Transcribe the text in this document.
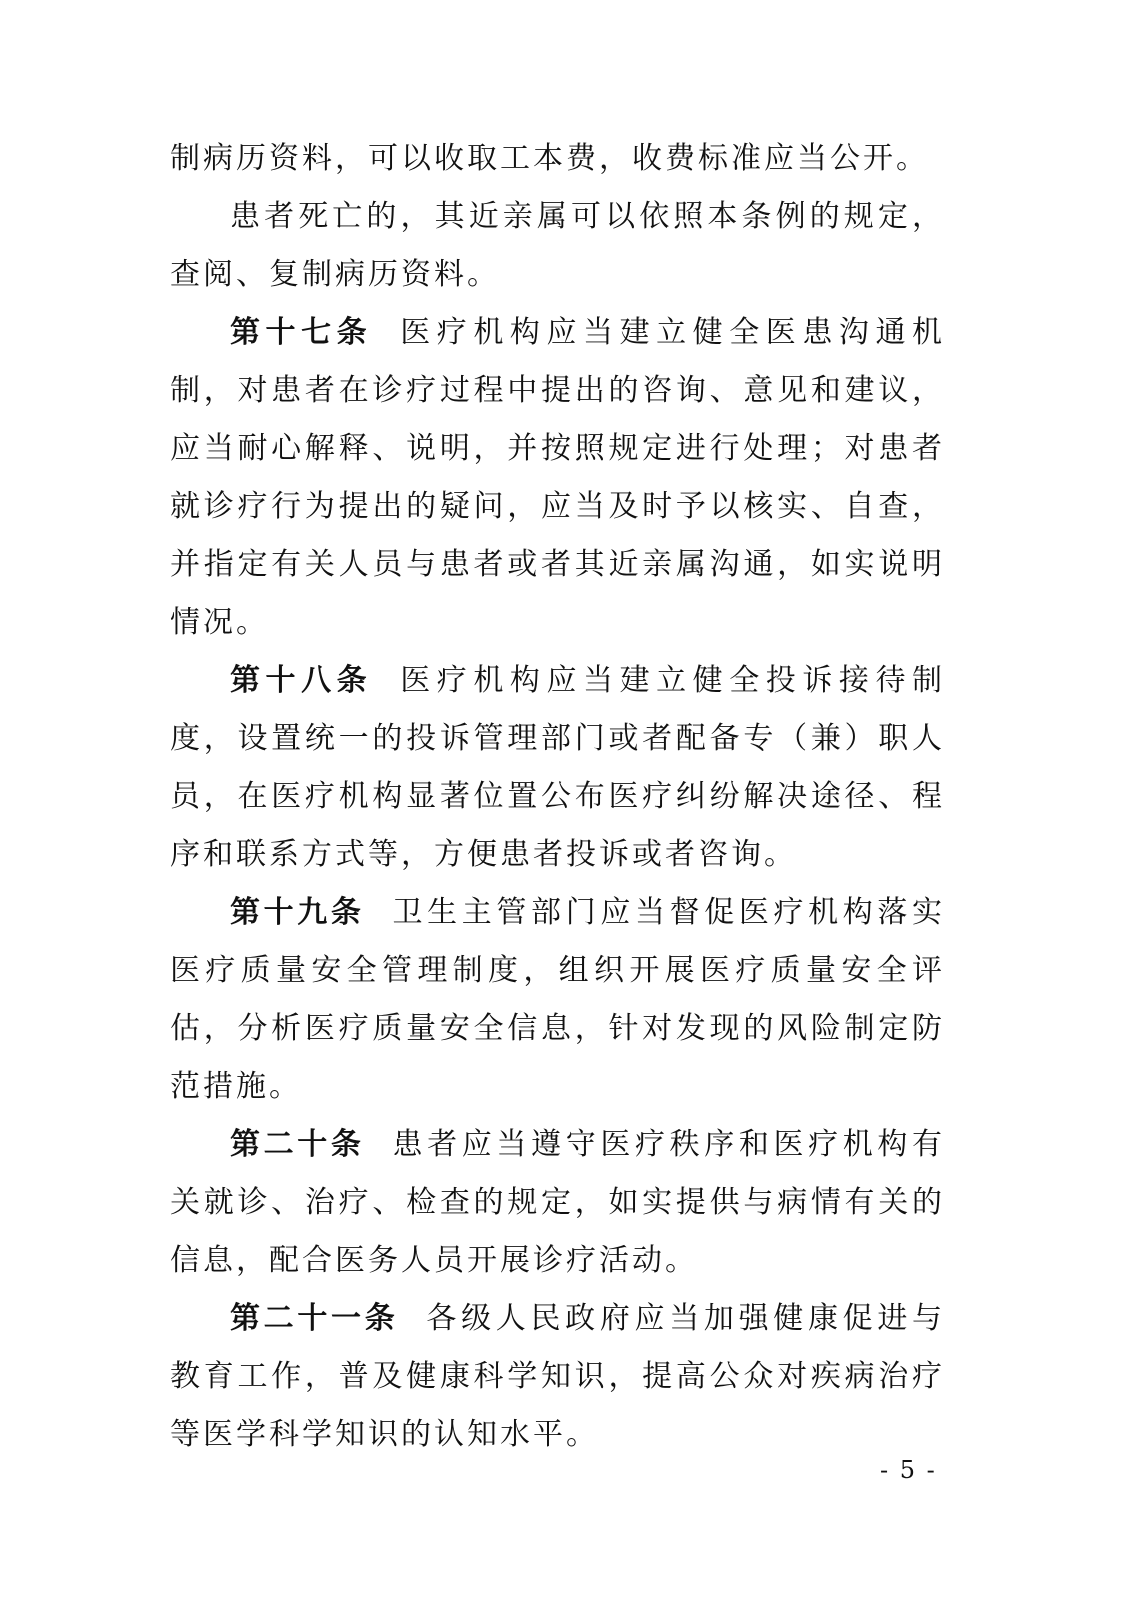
制病历资料，可以收取工本费，收费标准应当公开。

患者死亡的，其近亲属可以依照本条例的规定，查阅、复制病历资料。

第十七条 医疗机构应当建立健全医患沟通机制，对患者在诊疗过程中提出的咨询、意见和建议，应当耐心解释、说明，并按照规定进行处理；对患者就诊疗行为提出的疑问，应当及时予以核实、自查，并指定有关人员与患者或者其近亲属沟通，如实说明情况。

第十八条 医疗机构应当建立健全投诉接待制度，设置统一的投诉管理部门或者配备专（兼）职人员，在医疗机构显著位置公布医疗纠纷解决途径、程序和联系方式等，方便患者投诉或者咨询。

第十九条 卫生主管部门应当督促医疗机构落实医疗质量安全管理制度，组织开展医疗质量安全评估，分析医疗质量安全信息，针对发现的风险制定防范措施。

第二十条 患者应当遵守医疗秩序和医疗机构有关就诊、治疗、检查的规定，如实提供与病情有关的信息，配合医务人员开展诊疗活动。

第二十一条 各级人民政府应当加强健康促进与教育工作，普及健康科学知识，提高公众对疾病治疗等医学科学知识的认知水平。

- 5 -
